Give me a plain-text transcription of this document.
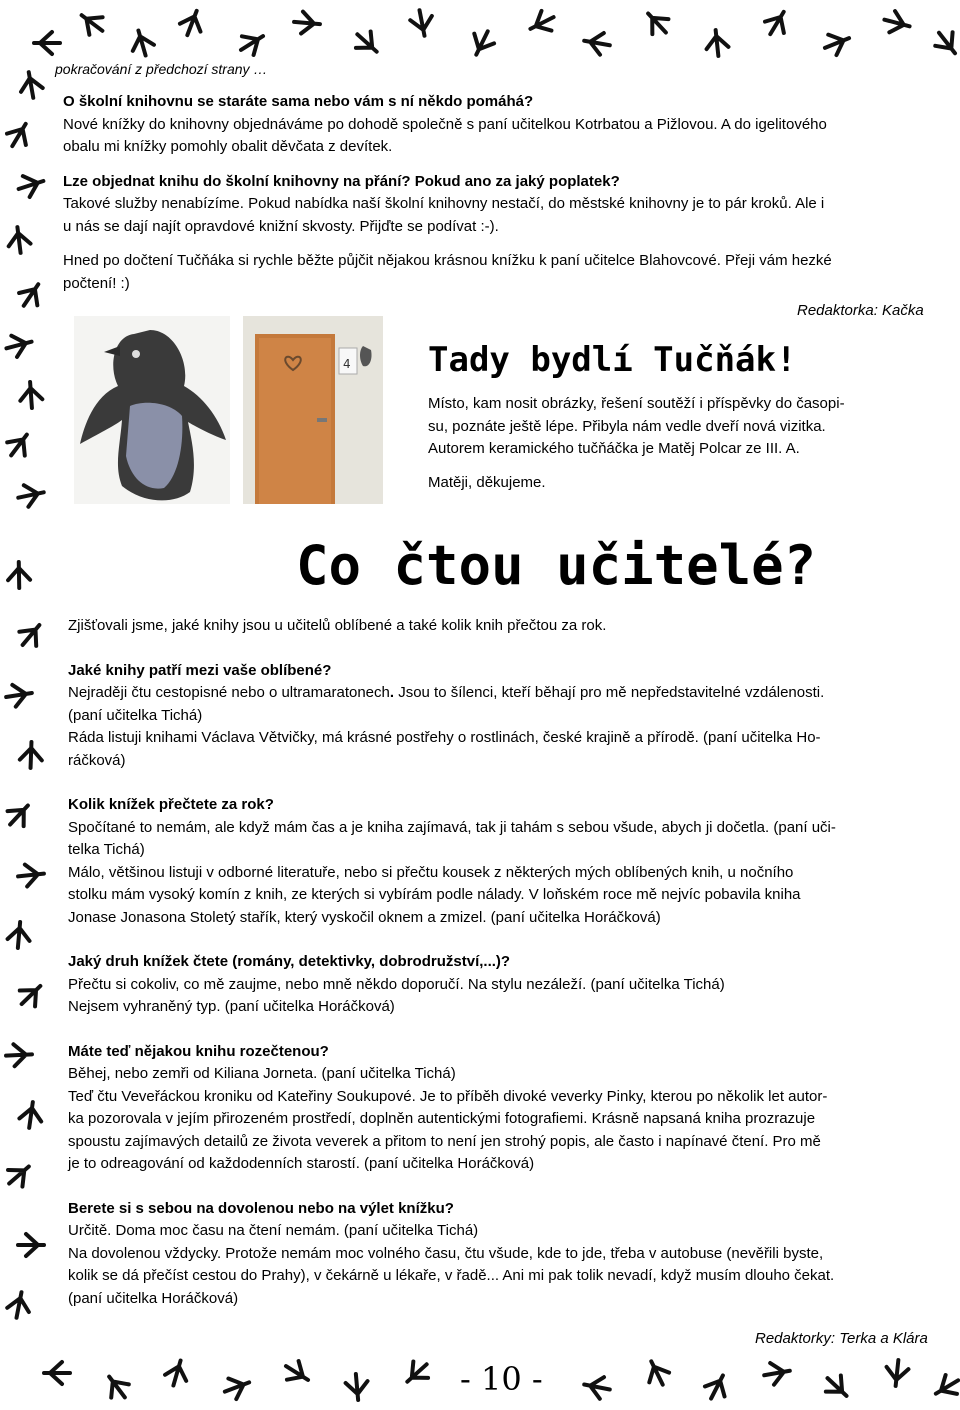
pokračování z předchozí strany …

O školní knihovnu se staráte sama nebo vám s ní někdo pomáhá?

Nové knížky do knihovny objednáváme po dohodě společně s paní učitelkou Kotrbatou a Pižlovou. A do igelitového

obalu mi knížky pomohly obalit děvčata z devítek.

Lze objednat knihu do školní knihovny na přání? Pokud ano za jaký poplatek?

Takové služby nenabízíme. Pokud nabídka naší školní knihovny nestačí, do městské knihovny je to pár kroků. Ale i

u nás se dají najít opravdové knižní skvosty. Přijďte se podívat :-).

Hned po dočtení Tučňáka si rychle běžte půjčit nějakou krásnou knížku k paní učitelce Blahovcové. Přeji vám hezké

počtení! :)

Redaktorka: Kačka
4 Tady bydlí Tučňák!

Místo, kam nosit obrázky, řešení soutěží i příspěvky do časopi-

su, poznáte ještě lépe. Přibyla nám vedle dveří nová vizitka.

Autorem keramického tučňáčka je Matěj Polcar ze III. A.

Matěji, děkujeme.

Co čtou učitelé?

Zjišťovali jsme, jaké knihy jsou u učitelů oblíbené a také kolik knih přečtou za rok.

Jaké knihy patří mezi vaše oblíbené?

Nejraději čtu cestopisné nebo o ultramaratonech. Jsou to šílenci, kteří běhají pro mě nepředstavitelné vzdálenosti.

(paní učitelka Tichá)

Ráda listuji knihami Václava Větvičky, má krásné postřehy o rostlinách, české krajině a přírodě. (paní učitelka Ho-

ráčková)

Kolik knížek přečtete za rok?

Spočítané to nemám, ale když mám čas a je kniha zajímavá, tak ji tahám s sebou všude, abych ji dočetla. (paní uči-

telka Tichá)

Málo, většinou listuji v odborné literatuře, nebo si přečtu kousek z některých mých oblíbených knih, u nočního

stolku mám vysoký komín z knih, ze kterých si vybírám podle nálady. V loňském roce mě nejvíc pobavila kniha

Jonase Jonasona Stoletý stařík, který vyskočil oknem a zmizel. (paní učitelka Horáčková)

Jaký druh knížek čtete (romány, detektivky, dobrodružství,...)?

Přečtu si cokoliv, co mě zaujme, nebo mně někdo doporučí. Na stylu nezáleží. (paní učitelka Tichá)

Nejsem vyhraněný typ. (paní učitelka Horáčková)

Máte teď nějakou knihu rozečtenou?

Běhej, nebo zemři od Kiliana Jorneta. (paní učitelka Tichá)

Teď čtu Veveřáckou kroniku od Kateřiny Soukupové. Je to příběh divoké veverky Pinky, kterou po několik let autor-

ka pozorovala v jejím přirozeném prostředí, doplněn autentickými fotografiemi. Krásně napsaná kniha prozrazuje

spoustu zajímavých detailů ze života veverek a přitom to není jen strohý popis, ale často i napínavé čtení. Pro mě

je to odreagování od každodenních starostí. (paní učitelka Horáčková)

Berete si s sebou na dovolenou nebo na výlet knížku?

Určitě. Doma moc času na čtení nemám. (paní učitelka Tichá)

Na dovolenou vždycky. Protože nemám moc volného času, čtu všude, kde to jde, třeba v autobuse (nevěřili byste,

kolik se dá přečíst cestou do Prahy), v čekárně u lékaře, v řadě... Ani mi pak tolik nevadí, když musím dlouho čekat.

(paní učitelka Horáčková)

Redaktorky: Terka a Klára
- 10 -
